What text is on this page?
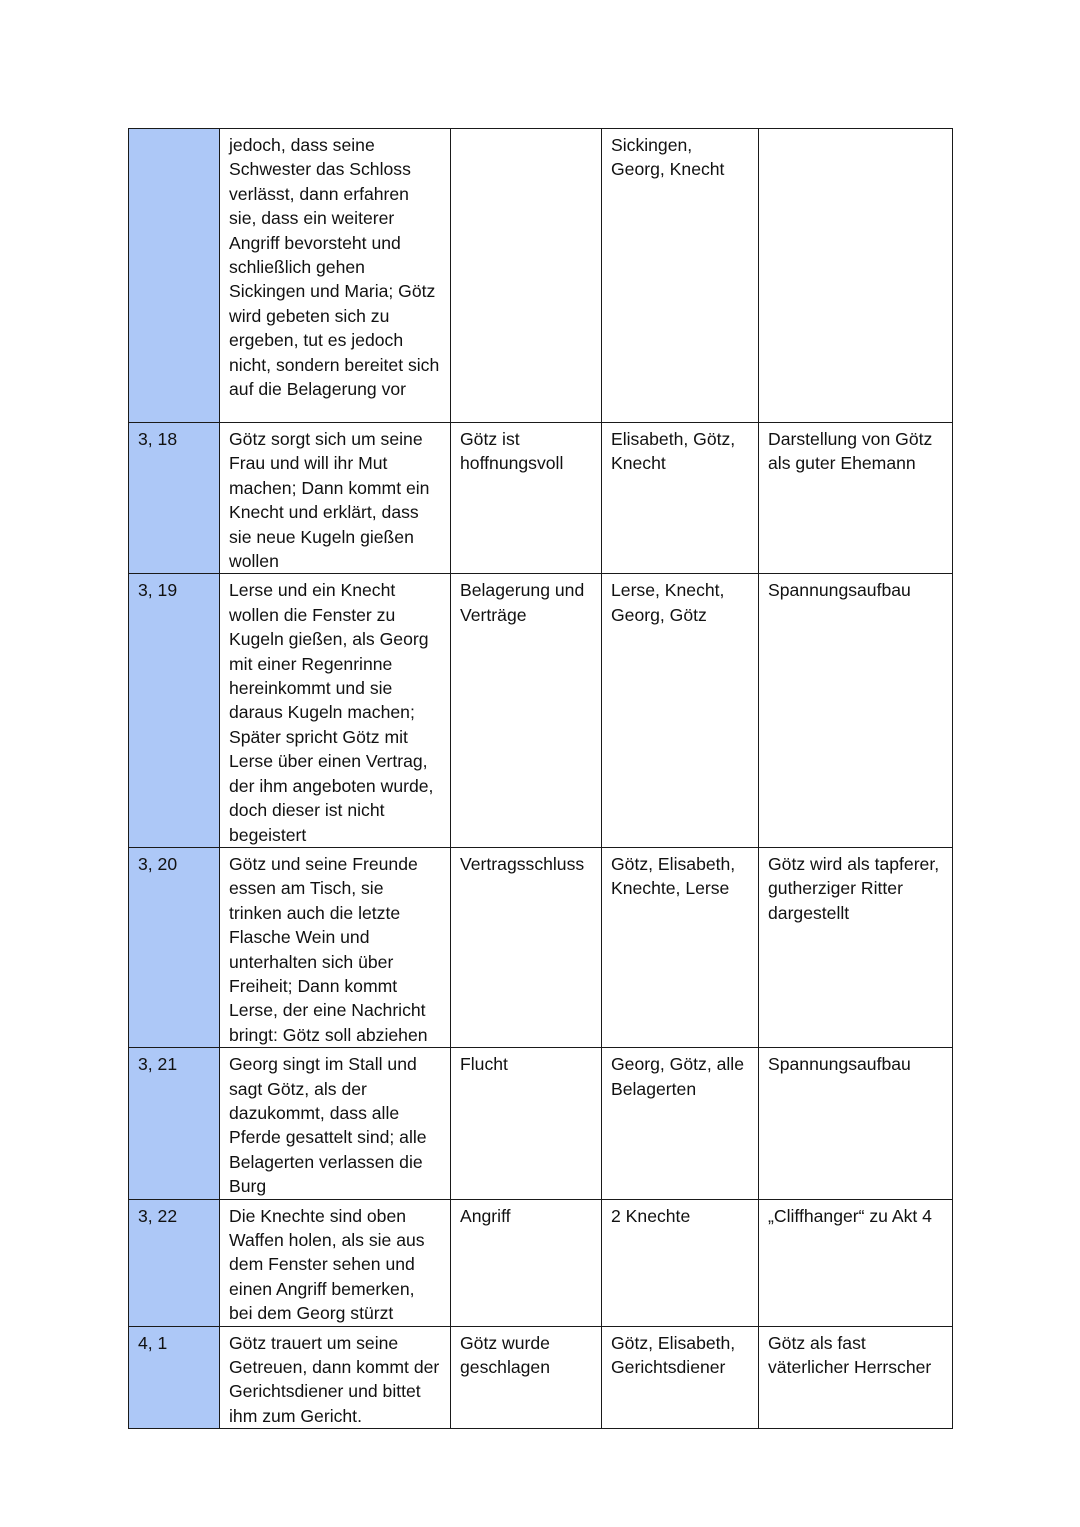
	jedoch, dass seine Schwester das Schloss verlässt, dann erfahren sie, dass ein weiterer Angriff bevorsteht und schließlich gehen Sickingen und Maria; Götz wird gebeten sich zu ergeben, tut es jedoch nicht, sondern bereitet sich auf die Belagerung vor		Sickingen, Georg, Knecht	

3, 18	Götz sorgt sich um seine Frau und will ihr Mut machen; Dann kommt ein Knecht und erklärt, dass sie neue Kugeln gießen wollen	Götz ist hoffnungsvoll	Elisabeth, Götz, Knecht	Darstellung von Götz als guter Ehemann

3, 19	Lerse und ein Knecht wollen die Fenster zu Kugeln gießen, als Georg mit einer Regenrinne hereinkommt und sie daraus Kugeln machen; Später spricht Götz mit Lerse über einen Vertrag, der ihm angeboten wurde, doch dieser ist nicht begeistert	Belagerung und Verträge	Lerse, Knecht, Georg, Götz	Spannungsaufbau

3, 20	Götz und seine Freunde essen am Tisch, sie trinken auch die letzte Flasche Wein und unterhalten sich über Freiheit; Dann kommt Lerse, der eine Nachricht bringt: Götz soll abziehen	Vertragsschluss	Götz, Elisabeth, Knechte, Lerse	Götz wird als tapferer, gutherziger Ritter dargestellt

3, 21	Georg singt im Stall und sagt Götz, als der dazukommt, dass alle Pferde gesattelt sind; alle Belagerten verlassen die Burg	Flucht	Georg, Götz, alle Belagerten	Spannungsaufbau

3, 22	Die Knechte sind oben Waffen holen, als sie aus dem Fenster sehen und einen Angriff bemerken, bei dem Georg stürzt	Angriff	2 Knechte	„Cliffhanger“ zu Akt 4

4, 1	Götz trauert um seine Getreuen, dann kommt der Gerichtsdiener und bittet ihm zum Gericht.	Götz wurde geschlagen	Götz, Elisabeth, Gerichtsdiener	Götz als fast väterlicher Herrscher
